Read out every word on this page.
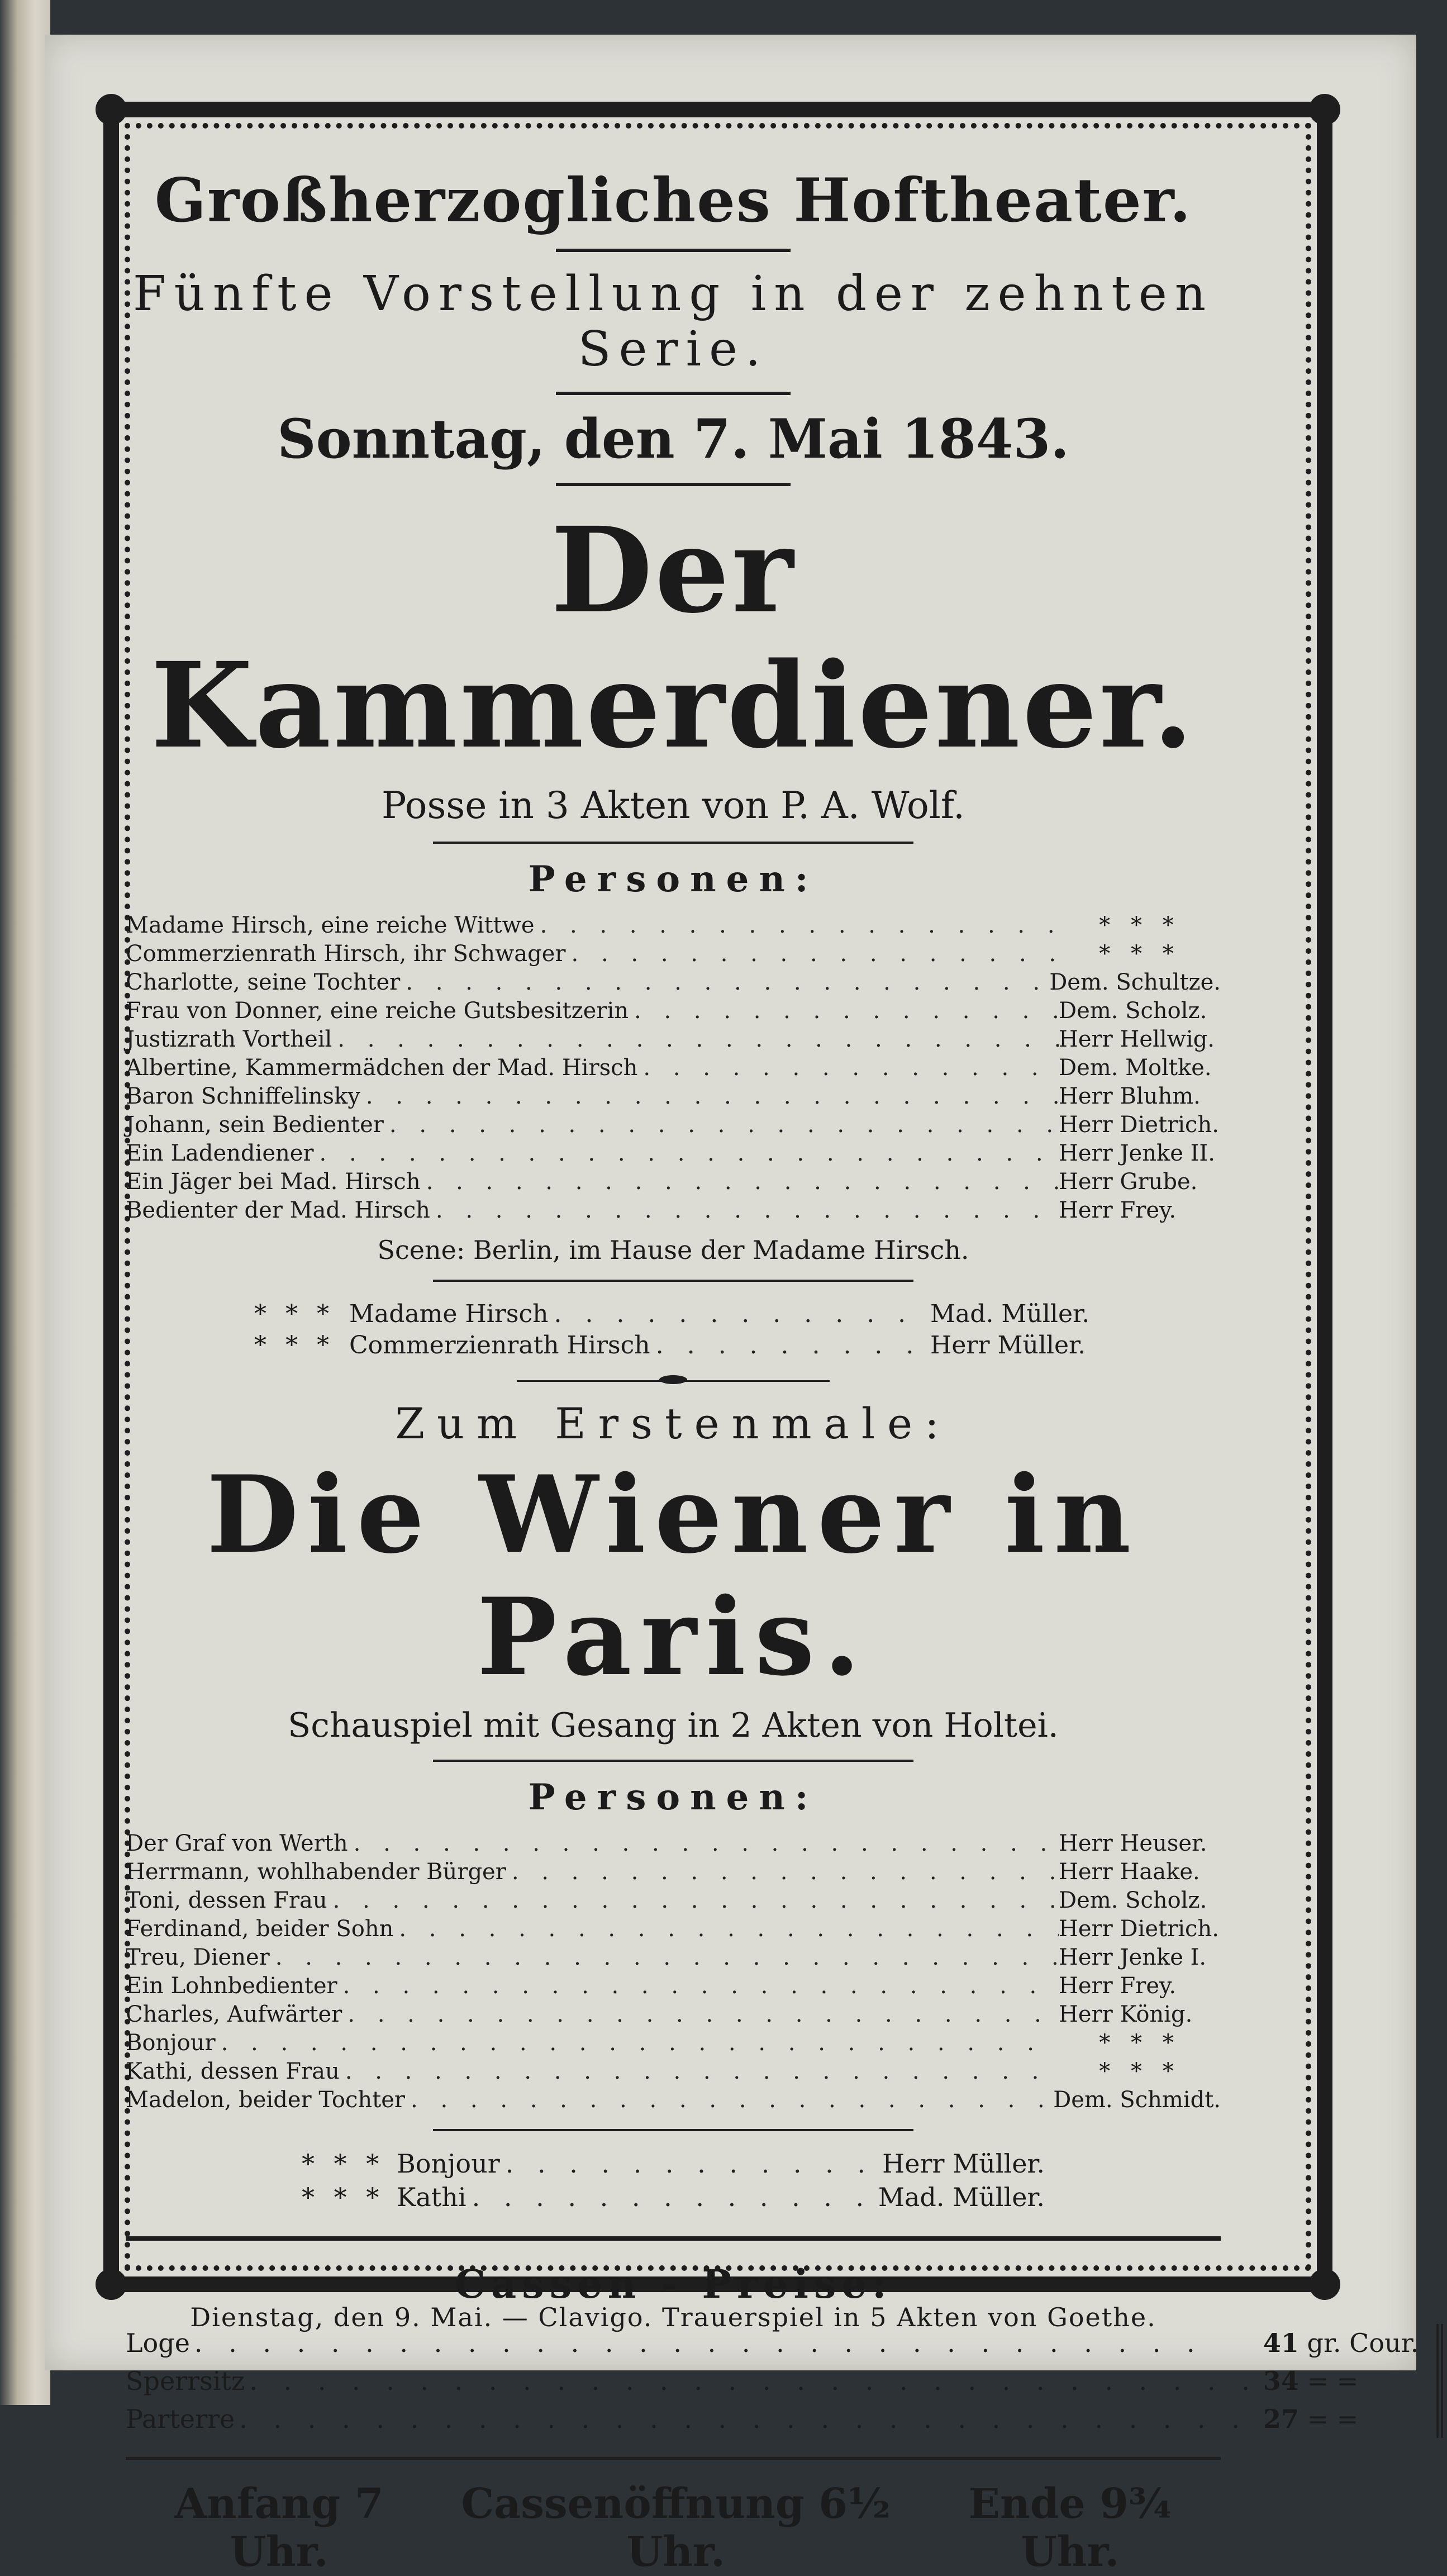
Großherzogliches Hoftheater.
Fünfte Vorstellung in der zehnten Serie.
Sonntag, den 7. Mai 1843.
Der Kammerdiener.
Posse in 3 Akten von P. A. Wolf.
Personen:
Madame Hirsch, eine reiche Wittwe . . .	* * *
Commerzienrath Hirsch, ihr Schwager . . .	* * *
Charlotte, seine Tochter . . .	Dem. Schultze.
Frau von Donner, eine reiche Gutsbesitzerin . . .	Dem. Scholz.
Justizrath Vortheil . . .	Herr Hellwig.
Albertine, Kammermädchen der Mad. Hirsch . . .	Dem. Moltke.
Baron Schniffelinsky . . .	Herr Bluhm.
Johann, sein Bedienter . . .	Herr Dietrich.
Ein Ladendiener . . .	Herr Jenke II.
Ein Jäger bei Mad. Hirsch . . .	Herr Grube.
Bedienter der Mad. Hirsch . . .	Herr Frey.
Scene: Berlin, im Hause der Madame Hirsch.
* * * Madame Hirsch . . .	Mad. Müller.
* * * Commerzienrath Hirsch . . .	Herr Müller.
Zum Erstenmale:
Die Wiener in Paris.
Schauspiel mit Gesang in 2 Akten von Holtei.
Personen:
Der Graf von Werth . . .	Herr Heuser.
Herrmann, wohlhabender Bürger . . .	Herr Haake.
Toni, dessen Frau . . .	Dem. Scholz.
Ferdinand, beider Sohn . . .	Herr Dietrich.
Treu, Diener . . .	Herr Jenke I.
Ein Lohnbedienter . . .	Herr Frey.
Charles, Aufwärter . . .	Herr König.
Bonjour . . .	* * *
Kathi, dessen Frau . . .	* * *
Madelon, beider Tochter . . .	Dem. Schmidt.
* * * Bonjour . . .	Herr Müller.
* * * Kathi . . .	Mad. Müller.
Cassen - Preise:
Loge . . .	41 gr. Cour.
Sperrsitz . . .	34 = =
Parterre . . .	27 = =
Anfang 7 Uhr.
Cassenöffnung 6½ Uhr.
Ende 9¾ Uhr.
Dienstag, den 9. Mai. — Clavigo. Trauerspiel in 5 Akten von Goethe.
